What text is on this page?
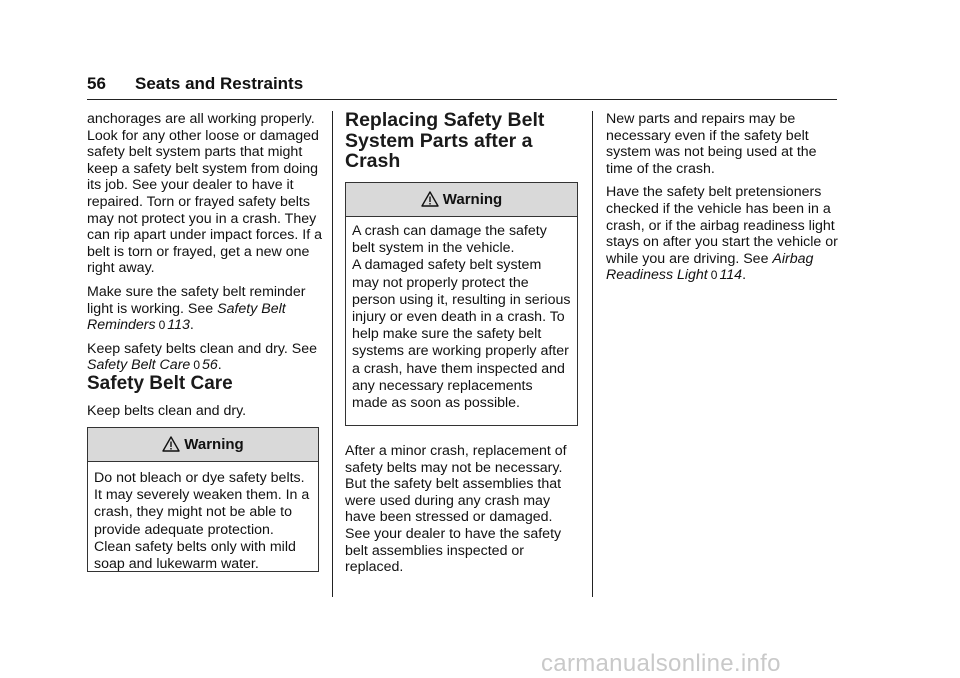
56 Seats and Restraints

anchorages are all working properly. Look for any other loose or damaged safety belt system parts that might keep a safety belt system from doing its job. See your dealer to have it repaired. Torn or frayed safety belts may not protect you in a crash. They can rip apart under impact forces. If a belt is torn or frayed, get a new one right away.

Make sure the safety belt reminder light is working. See Safety Belt Reminders 0 113.

Keep safety belts clean and dry. See Safety Belt Care 0 56.

Safety Belt Care
Keep belts clean and dry.
Warning

Do not bleach or dye safety belts. It may severely weaken them. In a crash, they might not be able to provide adequate protection. Clean safety belts only with mild soap and lukewarm water.

Replacing Safety Belt System Parts after a Crash
Warning

A crash can damage the safety belt system in the vehicle.

A damaged safety belt system may not properly protect the person using it, resulting in serious injury or even death in a crash. To help make sure the safety belt systems are working properly after a crash, have them inspected and any necessary replacements made as soon as possible.

After a minor crash, replacement of safety belts may not be necessary. But the safety belt assemblies that were used during any crash may have been stressed or damaged. See your dealer to have the safety belt assemblies inspected or replaced.

New parts and repairs may be necessary even if the safety belt system was not being used at the time of the crash.

Have the safety belt pretensioners checked if the vehicle has been in a crash, or if the airbag readiness light stays on after you start the vehicle or while you are driving. See Airbag Readiness Light 0 114.

carmanualsonline.info
